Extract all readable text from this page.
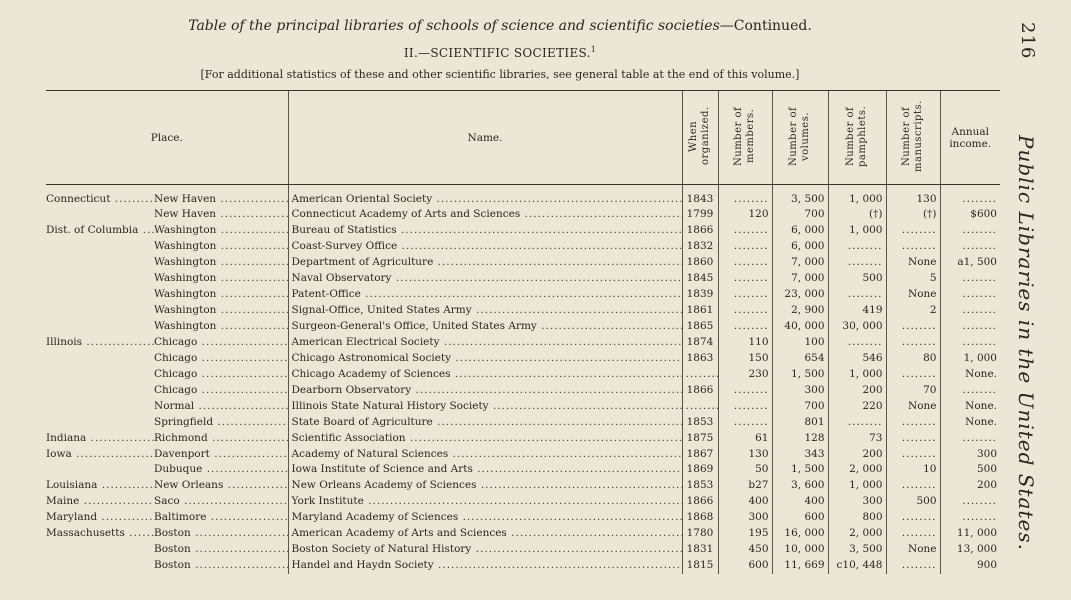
Table of the principal libraries of schools of science and scientific societies—Continued.
II.—SCIENTIFIC SOCIETIES.$^1$
[For additional statistics of these and other scientific libraries, see general table at the end of this volume.]
216
Public Libraries in the United States.
Place.	Name.	When organized.	Number of members.	Number of volumes.	Number of pamphlets.	Number of manuscripts.	Annual income.
Connecticut ..... New Haven .....	American Oriental Society .....	1843	........	3, 500	1, 000	130	........
New Haven .....	Connecticut Academy of Arts and Sciences .....	1799	120	700	(†)	(†)	$600
Dist. of Columbia ..... Washington .....	Bureau of Statistics .....	1866	........	6, 000	1, 000	........	........
Washington .....	Coast-Survey Office .....	1832	........	6, 000	........	........	........
Washington .....	Department of Agriculture .....	1860	........	7, 000	........	None	a1, 500
Washington .....	Naval Observatory .....	1845	........	7, 000	500	5	........
Washington .....	Patent-Office .....	1839	........	23, 000	........	None	........
Washington .....	Signal-Office, United States Army .....	1861	........	2, 900	419	2	........
Washington .....	Surgeon-General's Office, United States Army .....	1865	........	40, 000	30, 000	........	........
Illinois ..... Chicago .....	American Electrical Society .....	1874	110	100	........	........	........
Chicago .....	Chicago Astronomical Society .....	1863	150	654	546	80	1, 000
Chicago .....	Chicago Academy of Sciences .....	........	230	1, 500	1, 000	........	None.
Chicago .....	Dearborn Observatory .....	1866	........	300	200	70	........
Normal .....	Illinois State Natural History Society .....	........	........	700	220	None	None.
Springfield .....	State Board of Agriculture .....	1853	........	801	........	........	None.
Indiana ..... Richmond .....	Scientific Association .....	1875	61	128	73	........	........
Iowa ..... Davenport .....	Academy of Natural Sciences .....	1867	130	343	200	........	300
Dubuque .....	Iowa Institute of Science and Arts .....	1869	50	1, 500	2, 000	10	500
Louisiana ..... New Orleans .....	New Orleans Academy of Sciences .....	1853	b27	3, 600	1, 000	........	200
Maine ..... Saco .....	York Institute .....	1866	400	400	300	500	........
Maryland ..... Baltimore .....	Maryland Academy of Sciences .....	1868	300	600	800	........	........
Massachusetts ..... Boston .....	American Academy of Arts and Sciences .....	1780	195	16, 000	2, 000	........	11, 000
Boston .....	Boston Society of Natural History .....	1831	450	10, 000	3, 500	None	13, 000
Boston .....	Handel and Haydn Society .....	1815	600	11, 669	c10, 448	........	900
